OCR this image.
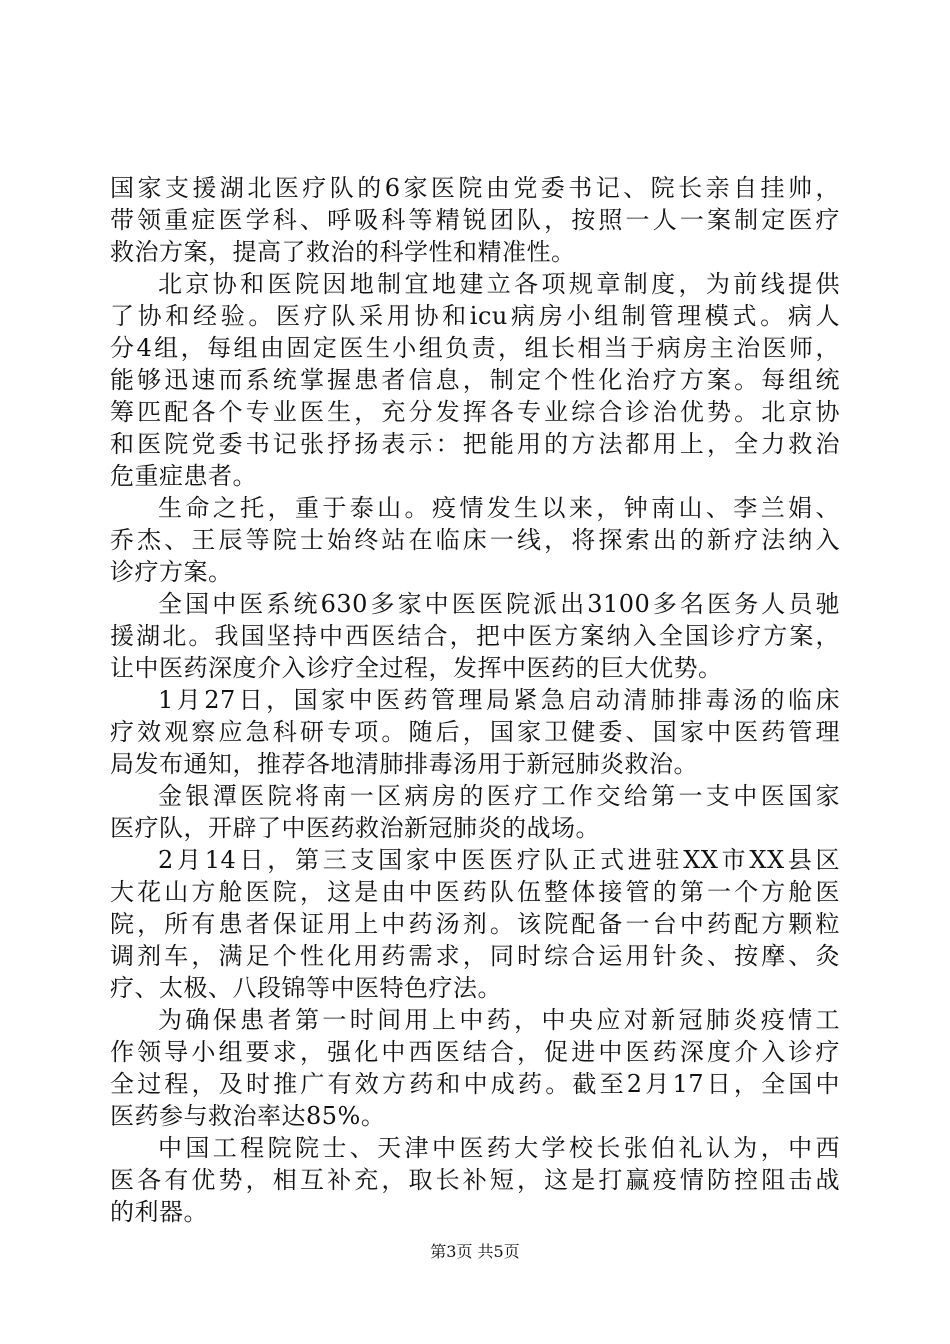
国家支援湖北医疗队的6家医院由党委书记、院长亲自挂帅，
带领重症医学科、呼吸科等精锐团队，按照一人一案制定医疗
救治方案，提高了救治的科学性和精准性。
北京协和医院因地制宜地建立各项规章制度，为前线提供
了协和经验。医疗队采用协和icu病房小组制管理模式。病人
分4组，每组由固定医生小组负责，组长相当于病房主治医师，
能够迅速而系统掌握患者信息，制定个性化治疗方案。每组统
筹匹配各个专业医生，充分发挥各专业综合诊治优势。北京协
和医院党委书记张抒扬表示：把能用的方法都用上，全力救治
危重症患者。
生命之托，重于泰山。疫情发生以来，钟南山、李兰娟、
乔杰、王辰等院士始终站在临床一线，将探索出的新疗法纳入
诊疗方案。
全国中医系统630多家中医医院派出3100多名医务人员驰
援湖北。我国坚持中西医结合，把中医方案纳入全国诊疗方案，
让中医药深度介入诊疗全过程，发挥中医药的巨大优势。
1月27日，国家中医药管理局紧急启动清肺排毒汤的临床
疗效观察应急科研专项。随后，国家卫健委、国家中医药管理
局发布通知，推荐各地清肺排毒汤用于新冠肺炎救治。
金银潭医院将南一区病房的医疗工作交给第一支中医国家
医疗队，开辟了中医药救治新冠肺炎的战场。
2月14日，第三支国家中医医疗队正式进驻XX市XX县区
大花山方舱医院，这是由中医药队伍整体接管的第一个方舱医
院，所有患者保证用上中药汤剂。该院配备一台中药配方颗粒
调剂车，满足个性化用药需求，同时综合运用针灸、按摩、灸
疗、太极、八段锦等中医特色疗法。
为确保患者第一时间用上中药，中央应对新冠肺炎疫情工
作领导小组要求，强化中西医结合，促进中医药深度介入诊疗
全过程，及时推广有效方药和中成药。截至2月17日，全国中
医药参与救治率达85%。
中国工程院院士、天津中医药大学校长张伯礼认为，中西
医各有优势，相互补充，取长补短，这是打赢疫情防控阻击战
的利器。
第3页 共5页
